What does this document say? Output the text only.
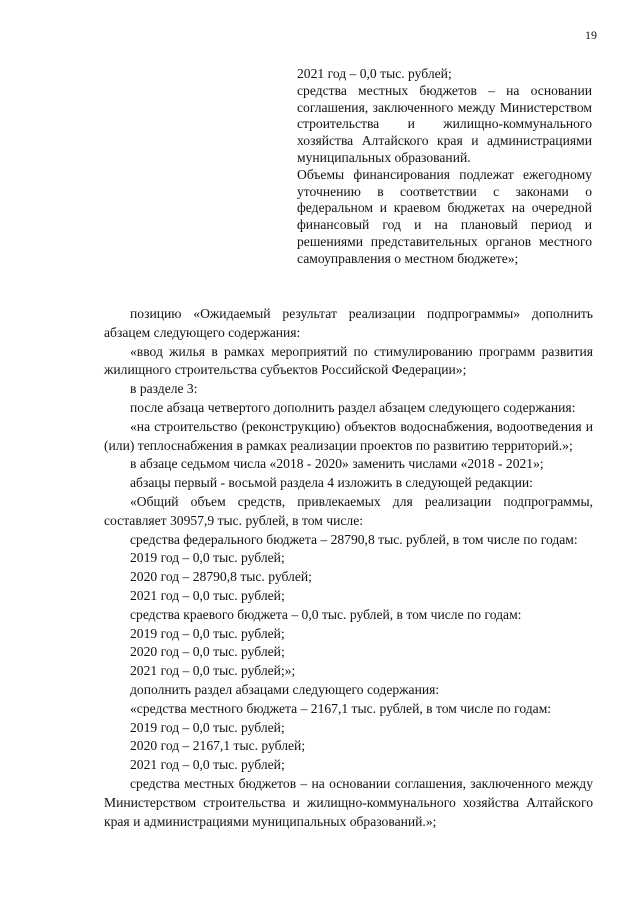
19

2021 год – 0,0 тыс. рублей;

средства местных бюджетов – на основании соглашения, заключенного между Министерством строительства и жилищно-коммунального хозяйства Алтайского края и администрациями муниципальных образований.

Объемы финансирования подлежат ежегодному уточнению в соответствии с законами о федеральном и краевом бюджетах на очередной финансовый год и на плановый период и решениями представительных органов местного самоуправления о местном бюджете»;

позицию «Ожидаемый результат реализации подпрограммы» дополнить абзацем следующего содержания:

«ввод жилья в рамках мероприятий по стимулированию программ развития жилищного строительства субъектов Российской Федерации»;

в разделе 3:

после абзаца четвертого дополнить раздел абзацем следующего содержания:

«на строительство (реконструкцию) объектов водоснабжения, водоотведения и (или) теплоснабжения в рамках реализации проектов по развитию территорий.»;

в абзаце седьмом числа «2018 - 2020» заменить числами «2018 - 2021»;

абзацы первый - восьмой раздела 4 изложить в следующей редакции:

«Общий объем средств, привлекаемых для реализации подпрограммы, составляет 30957,9 тыс. рублей, в том числе:

средства федерального бюджета – 28790,8 тыс. рублей, в том числе по годам:

2019 год – 0,0 тыс. рублей;

2020 год – 28790,8 тыс. рублей;

2021 год – 0,0 тыс. рублей;

средства краевого бюджета – 0,0 тыс. рублей, в том числе по годам:

2019 год – 0,0 тыс. рублей;

2020 год – 0,0 тыс. рублей;

2021 год – 0,0 тыс. рублей;»;

дополнить раздел абзацами следующего содержания:

«средства местного бюджета – 2167,1 тыс. рублей, в том числе по годам:

2019 год – 0,0 тыс. рублей;

2020 год – 2167,1 тыс. рублей;

2021 год – 0,0 тыс. рублей;

средства местных бюджетов – на основании соглашения, заключенного между Министерством строительства и жилищно-коммунального хозяйства Алтайского края и администрациями муниципальных образований.»;
